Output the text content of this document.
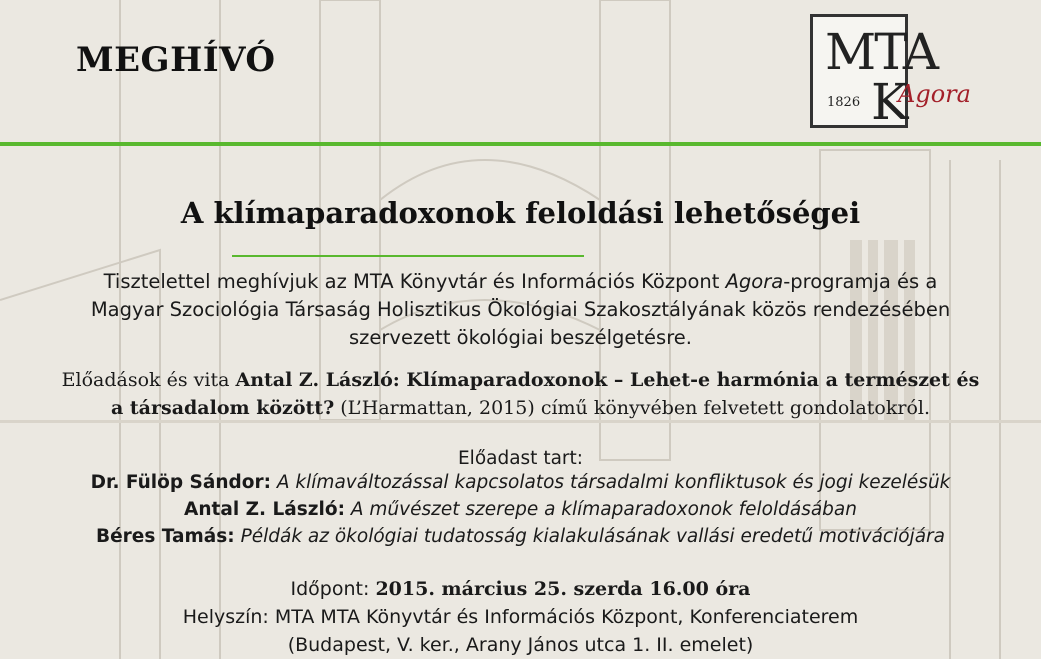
MEGHÍVÓ	MTA
1826 K
Agora
A klímaparadoxonok feloldási lehetőségei
Tisztelettel meghívjuk az MTA Könyvtár és Információs Központ Agora-programja és a
Magyar Szociológia Társaság Holisztikus Ökológiai Szakosztályának közös rendezésében
szervezett ökológiai beszélgetésre.
Előadások és vita Antal Z. László: Klímaparadoxonok – Lehet-e harmónia a természet és
a társadalom között? (L’Harmattan, 2015) című könyvében felvetett gondolatokról.
Előadast tart:
Dr. Fülöp Sándor: A klímaváltozással kapcsolatos társadalmi konfliktusok és jogi kezelésük
Antal Z. László: A művészet szerepe a klímaparadoxonok feloldásában
Béres Tamás: Példák az ökológiai tudatosság kialakulásának vallási eredetű motivációjára
Időpont: 2015. március 25. szerda 16.00 óra
Helyszín: MTA MTA Könyvtár és Információs Központ, Konferenciaterem
(Budapest, V. ker., Arany János utca 1. II. emelet)
